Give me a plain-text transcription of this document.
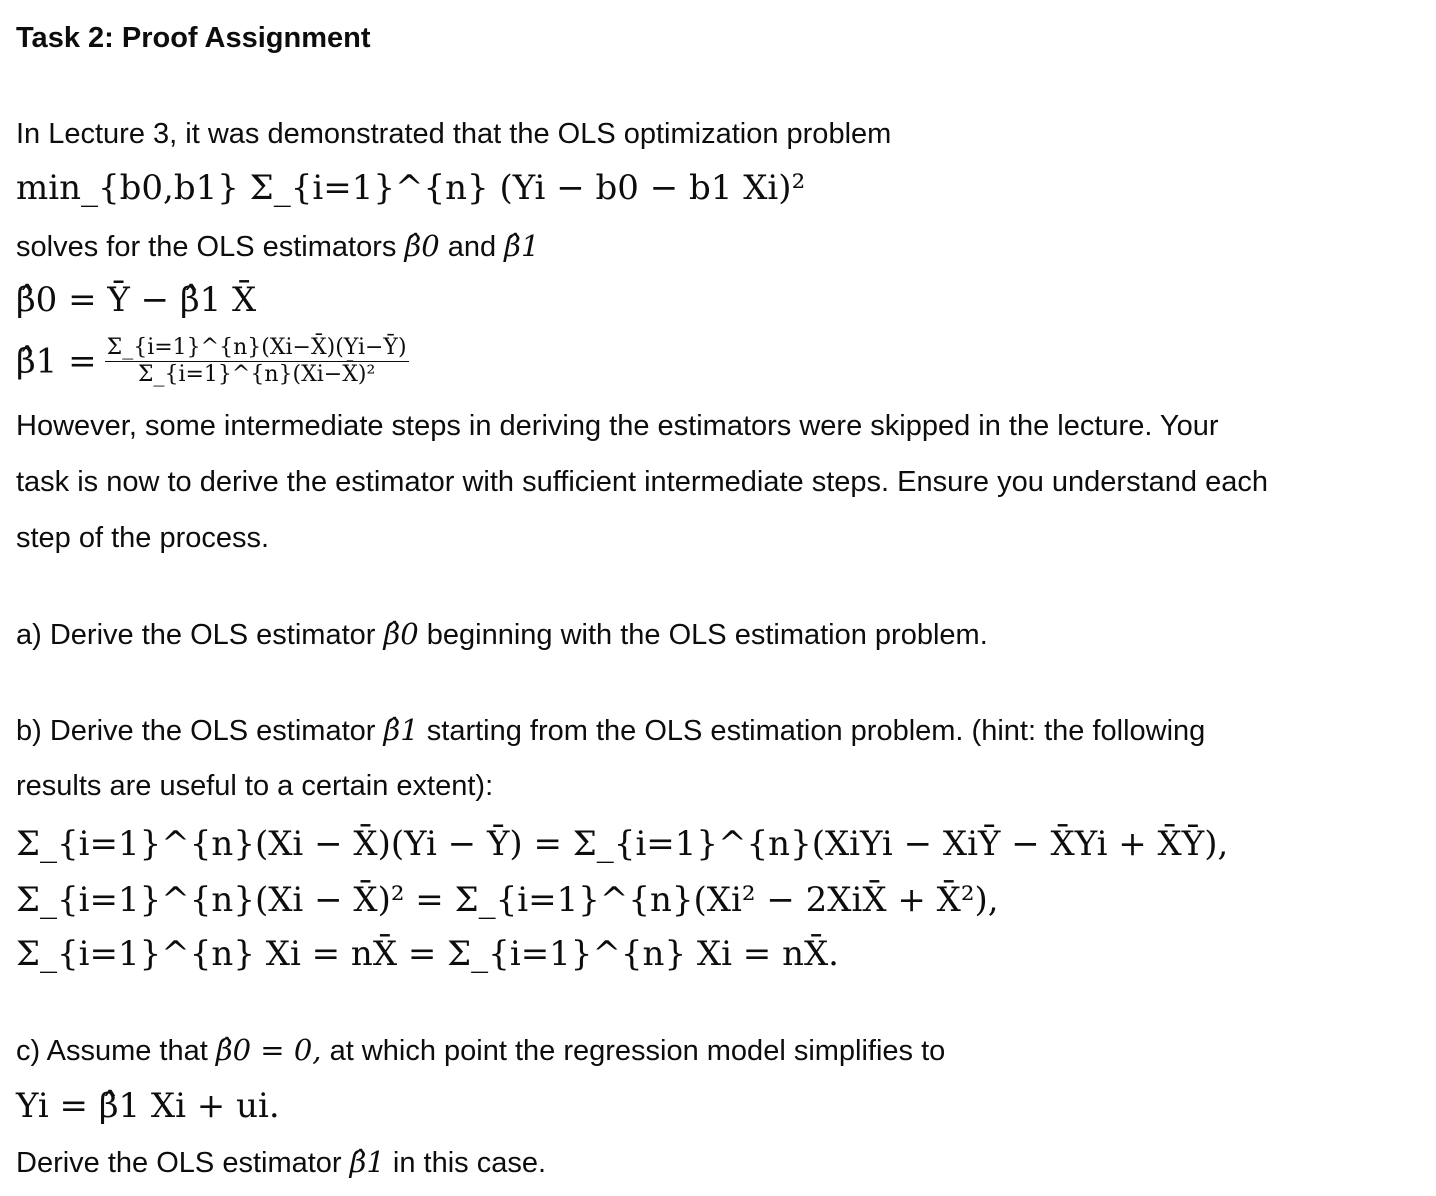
Task 2: Proof Assignment
In Lecture 3, it was demonstrated that the OLS optimization problem
min_{b0,b1} Σ_{i=1}^{n} (Yi − b0 − b1 Xi)²
solves for the OLS estimators β̂0 and β̂1
β̂0 = Ȳ − β̂1 X̄
β̂1 = $\frac{\Sigma\_\{i=1\}\^{}\{n\}(Xi-X̄)(Yi-Ȳ)}{\text{Σ\_\{i=1\}\textasciicircum{}\{n\}(Xi−X̄)²}}$
However, some intermediate steps in deriving the estimators were skipped in the lecture. Your
task is now to derive the estimator with sufficient intermediate steps. Ensure you understand each
step of the process.
a) Derive the OLS estimator β̂0 beginning with the OLS estimation problem.
b) Derive the OLS estimator β̂1 starting from the OLS estimation problem. (hint: the following
results are useful to a certain extent):
Σ_{i=1}^{n}(Xi − X̄)(Yi − Ȳ) = Σ_{i=1}^{n}(XiYi − XiȲ − X̄Yi + X̄Ȳ),
Σ_{i=1}^{n}(Xi − X̄)² = Σ_{i=1}^{n}(Xi² − 2XiX̄ + X̄²),
Σ_{i=1}^{n} Xi = nX̄ = Σ_{i=1}^{n} Xi = nX̄.
c) Assume that β̂0 = 0, at which point the regression model simplifies to
Yi = β̂1 Xi + ui.
Derive the OLS estimator β̂1 in this case.
